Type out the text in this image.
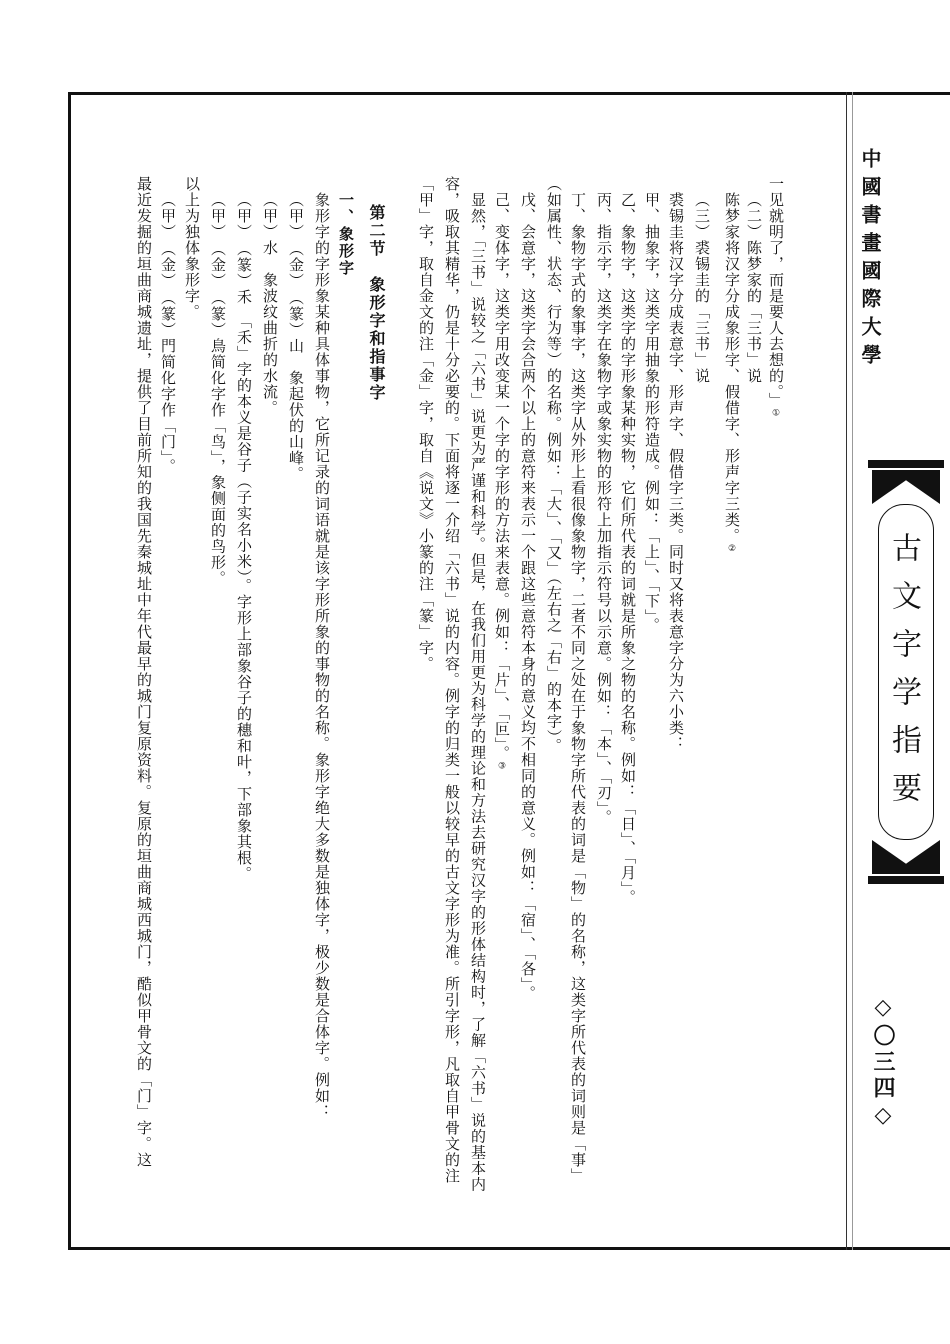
中國書畫國際大學
古文字学指要
◇〇三四◇
一见就明了，而是要人去想的。」①
（二）陈梦家的「三书」说
陈梦家将汉字分成象形字、假借字、形声字三类。②
（三）裘锡圭的「三书」说
裘锡圭将汉字分成表意字、形声字、假借字三类。同时又将表意字分为六小类：
甲、抽象字，这类字用抽象的形符造成。例如：「上」、「下」。
乙、象物字，这类字的字形象某种实物，它们所代表的词就是所象之物的名称。例如：「日」、「月」。
丙、指示字，这类字在象物字或象实物的形符上加指示符号以示意。例如：「本」、「刃」。
丁、象物字式的象事字，这类字从外形上看很像象物字，二者不同之处在于象物字所代表的词是「物」的名称，这类字所代表的词则是「事」
（如属性、状态、行为等）的名称。例如：「大」、「又」（左右之「右」的本字）。
戊、会意字，这类字会合两个以上的意符来表示一个跟这些意符本身的意义均不相同的意义。例如：「宿」、「各」。
己、变体字，这类字用改变某一个字的字形的方法来表意。例如：「片」、「叵」。③
显然，「三书」说较之「六书」说更为严谨和科学。但是，在我们用更为科学的理论和方法去研究汉字的形体结构时，了解「六书」说的基本内
容，吸取其精华，仍是十分必要的。下面将逐一介绍「六书」说的内容。例字的归类一般以较早的古文字形为准。所引字形，凡取自甲骨文的注
「甲」字，取自金文的注「金」字，取自《说文》小篆的注「篆」字。
第二节　象形字和指事字
一、象形字
象形字的字形象某种具体事物，它所记录的词语就是该字形所象的事物的名称。象形字绝大多数是独体字，极少数是合体字。例如：
（甲）　（金）　（篆）山　象起伏的山峰。
（甲）水　象波纹曲折的水流。
（甲）　（篆）禾　「禾」字的本义是谷子（子实名小米）。字形上部象谷子的穗和叶，下部象其根。
（甲）　（金）　（篆）鳥简化字作「鸟」，象侧面的鸟形。
以上为独体象形字。
（甲）　（金）　（篆）門简化字作「门」。
最近发掘的垣曲商城遗址，提供了目前所知的我国先秦城址中年代最早的城门复原资料。复原的垣曲商城西城门，酷似甲骨文的「门」字。这
